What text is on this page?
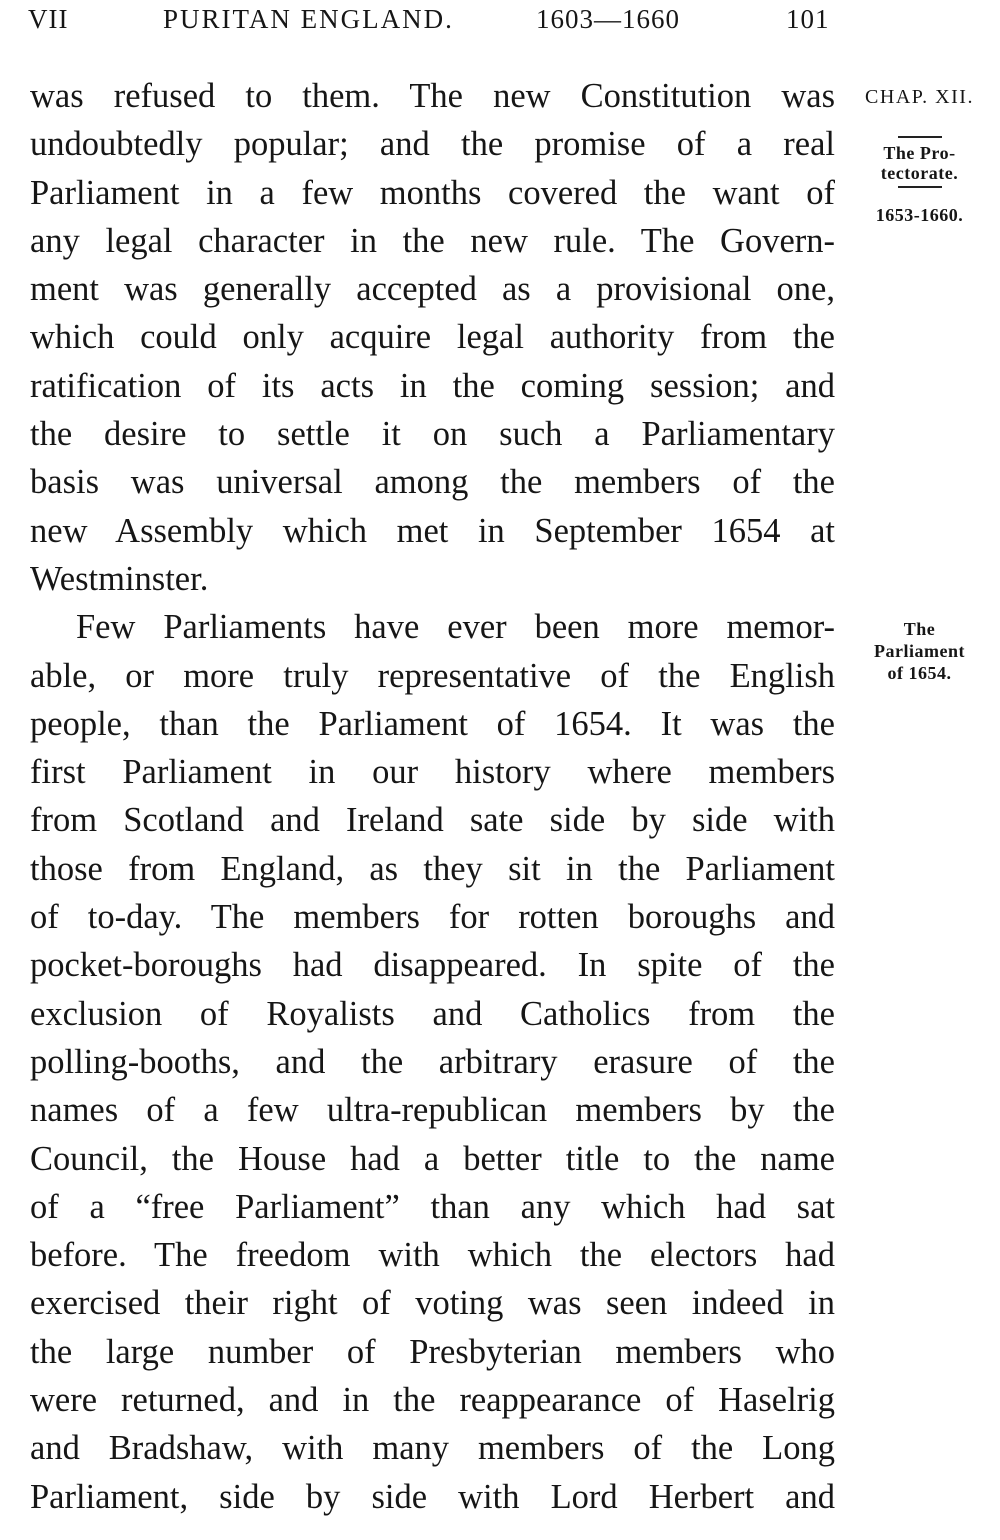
VII	PURITAN ENGLAND.	1603—1660	101

was refused to them. The new Constitution was
undoubtedly popular; and the promise of a real
Parliament in a few months covered the want of
any legal character in the new rule. The Govern-
ment was generally accepted as a provisional one,
which could only acquire legal authority from the
ratification of its acts in the coming session; and
the desire to settle it on such a Parliamentary
basis was universal among the members of the
new Assembly which met in September 1654 at

Westminster.

Few Parliaments have ever been more memor-
able, or more truly representative of the English
people, than the Parliament of 1654. It was the
first Parliament in our history where members
from Scotland and Ireland sate side by side with
those from England, as they sit in the Parliament
of to-day. The members for rotten boroughs and
pocket-boroughs had disappeared. In spite of the
exclusion of Royalists and Catholics from the
polling-booths, and the arbitrary erasure of the
names of a few ultra-republican members by the
Council, the House had a better title to the name
of a “free Parliament” than any which had sat
before. The freedom with which the electors had
exercised their right of voting was seen indeed in
the large number of Presbyterian members who
were returned, and in the reappearance of Haselrig
and Bradshaw, with many members of the Long
Parliament, side by side with Lord Herbert and

CHAP. XII.
The Pro-
tectorate.
1653-1660.
The
Parliament
of 1654.
